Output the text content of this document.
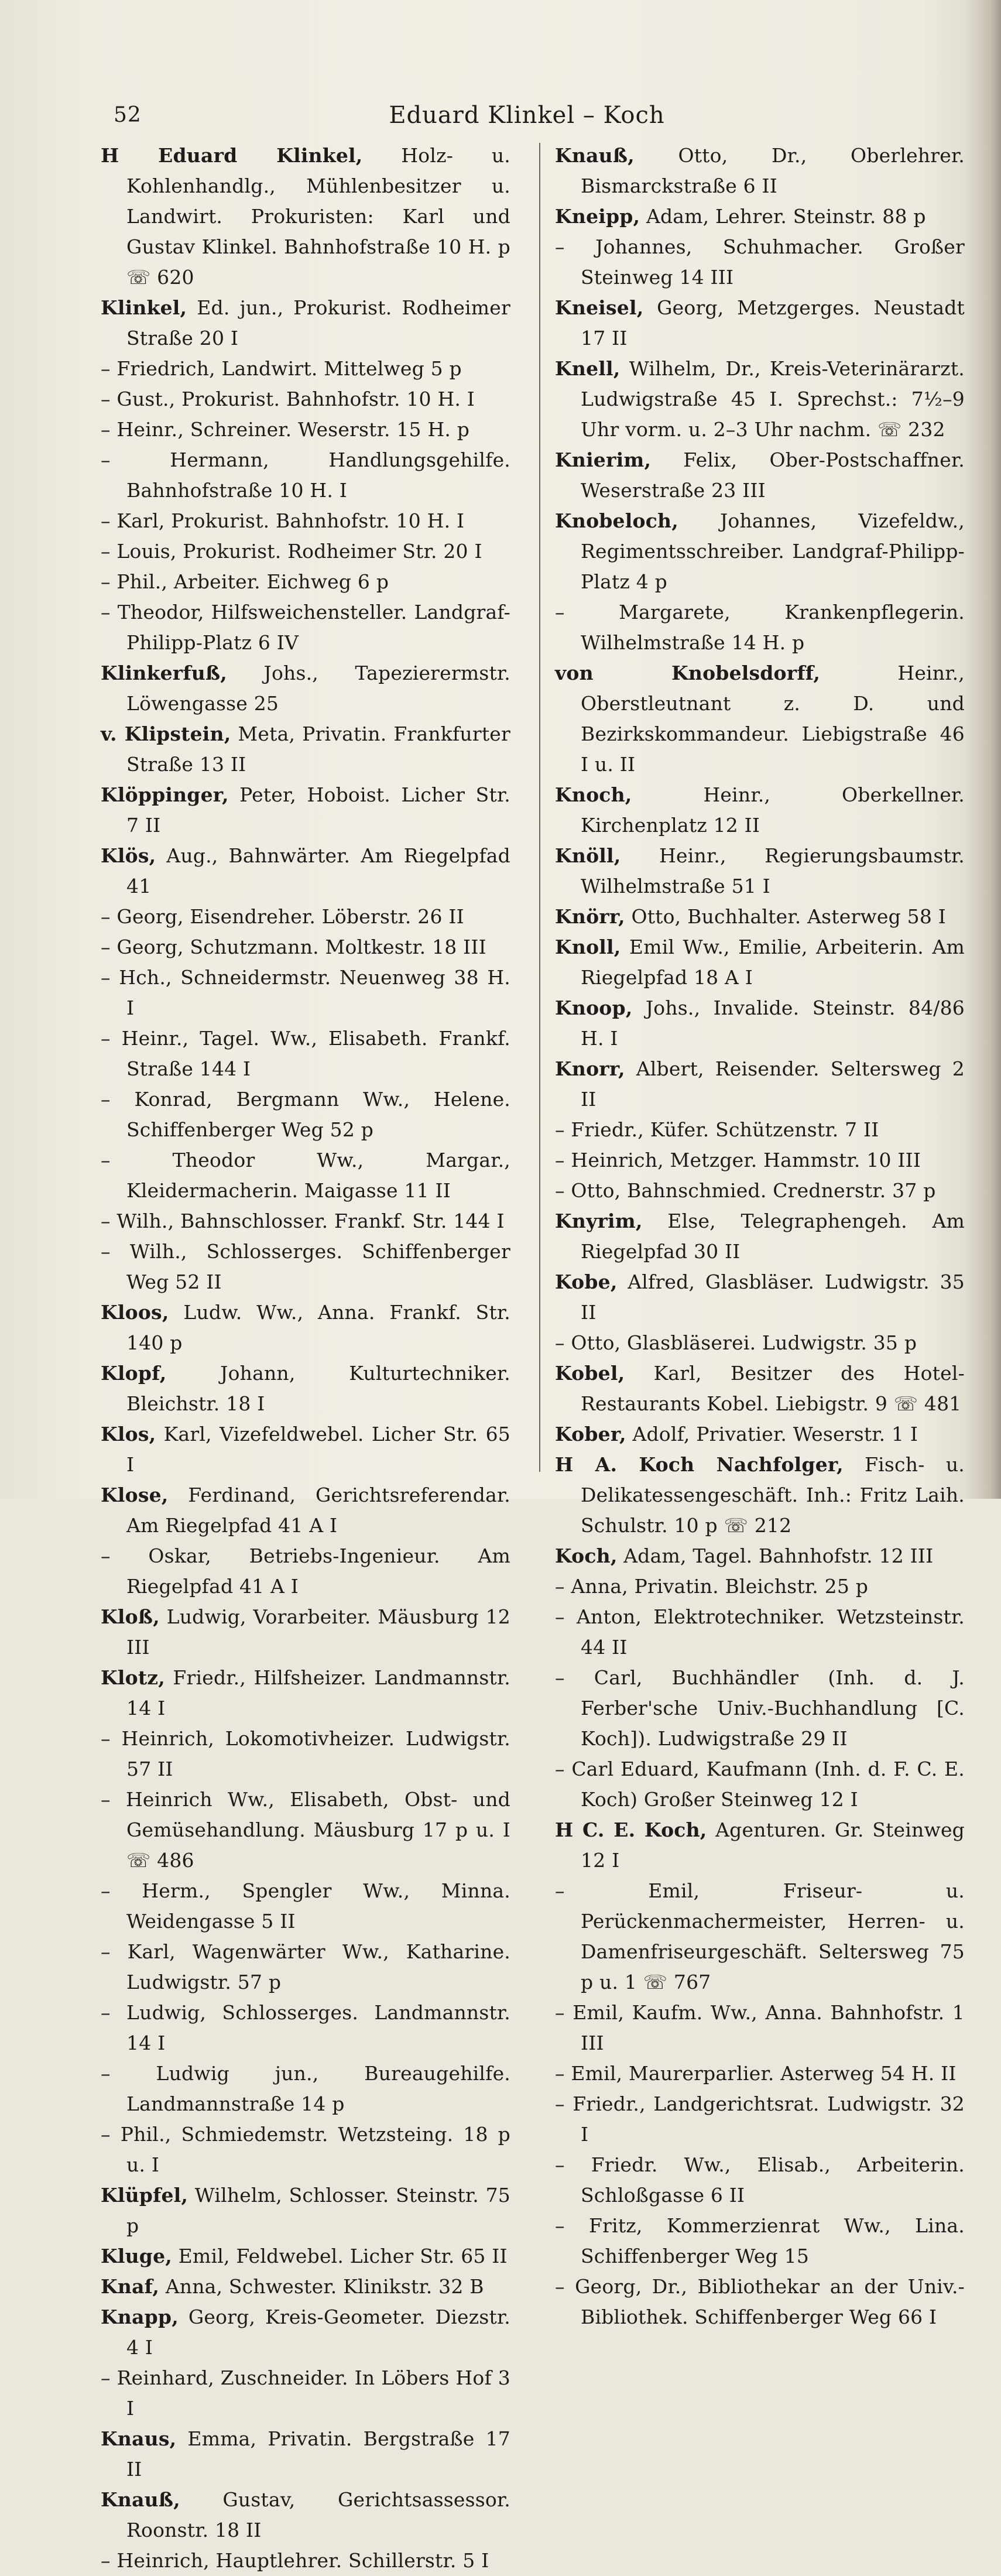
52	Eduard Klinkel – Koch

H Eduard Klinkel, Holz- u. Kohlenhandlg., Mühlenbesitzer u. Landwirt. Prokuristen: Karl und Gustav Klinkel. Bahnhofstraße 10 H. p ☏ 620

Klinkel, Ed. jun., Prokurist. Rodheimer Straße 20 I

– Friedrich, Landwirt. Mittelweg 5 p

– Gust., Prokurist. Bahnhofstr. 10 H. I

– Heinr., Schreiner. Weserstr. 15 H. p

– Hermann, Handlungsgehilfe. Bahnhofstraße 10 H. I

– Karl, Prokurist. Bahnhofstr. 10 H. I

– Louis, Prokurist. Rodheimer Str. 20 I

– Phil., Arbeiter. Eichweg 6 p

– Theodor, Hilfsweichensteller. Landgraf-Philipp-Platz 6 IV

Klinkerfuß, Johs., Tapezierermstr. Löwengasse 25

v. Klipstein, Meta, Privatin. Frankfurter Straße 13 II

Klöppinger, Peter, Hoboist. Licher Str. 7 II

Klös, Aug., Bahnwärter. Am Riegelpfad 41

– Georg, Eisendreher. Löberstr. 26 II

– Georg, Schutzmann. Moltkestr. 18 III

– Hch., Schneidermstr. Neuenweg 38 H. I

– Heinr., Tagel. Ww., Elisabeth. Frankf. Straße 144 I

– Konrad, Bergmann Ww., Helene. Schiffenberger Weg 52 p

– Theodor Ww., Margar., Kleidermacherin. Maigasse 11 II

– Wilh., Bahnschlosser. Frankf. Str. 144 I

– Wilh., Schlosserges. Schiffenberger Weg 52 II

Kloos, Ludw. Ww., Anna. Frankf. Str. 140 p

Klopf, Johann, Kulturtechniker. Bleichstr. 18 I

Klos, Karl, Vizefeldwebel. Licher Str. 65 I

Klose, Ferdinand, Gerichtsreferendar. Am Riegelpfad 41 A I

– Oskar, Betriebs-Ingenieur. Am Riegelpfad 41 A I

Kloß, Ludwig, Vorarbeiter. Mäusburg 12 III

Klotz, Friedr., Hilfsheizer. Landmannstr. 14 I

– Heinrich, Lokomotivheizer. Ludwigstr. 57 II

– Heinrich Ww., Elisabeth, Obst- und Gemüsehandlung. Mäusburg 17 p u. I ☏ 486

– Herm., Spengler Ww., Minna. Weidengasse 5 II

– Karl, Wagenwärter Ww., Katharine. Ludwigstr. 57 p

– Ludwig, Schlosserges. Landmannstr. 14 I

– Ludwig jun., Bureaugehilfe. Landmannstraße 14 p

– Phil., Schmiedemstr. Wetzsteing. 18 p u. I

Klüpfel, Wilhelm, Schlosser. Steinstr. 75 p

Kluge, Emil, Feldwebel. Licher Str. 65 II

Knaf, Anna, Schwester. Klinikstr. 32 B

Knapp, Georg, Kreis-Geometer. Diezstr. 4 I

– Reinhard, Zuschneider. In Löbers Hof 3 I

Knaus, Emma, Privatin. Bergstraße 17 II

Knauß, Gustav, Gerichtsassessor. Roonstr. 18 II

– Heinrich, Hauptlehrer. Schillerstr. 5 I

Knauß, Otto, Dr., Oberlehrer. Bismarckstraße 6 II

Kneipp, Adam, Lehrer. Steinstr. 88 p

– Johannes, Schuhmacher. Großer Steinweg 14 III

Kneisel, Georg, Metzgerges. Neustadt 17 II

Knell, Wilhelm, Dr., Kreis-Veterinärarzt. Ludwigstraße 45 I. Sprechst.: 7½–9 Uhr vorm. u. 2–3 Uhr nachm. ☏ 232

Knierim, Felix, Ober-Postschaffner. Weserstraße 23 III

Knobeloch, Johannes, Vizefeldw., Regimentsschreiber. Landgraf-Philipp-Platz 4 p

– Margarete, Krankenpflegerin. Wilhelmstraße 14 H. p

von Knobelsdorff, Heinr., Oberstleutnant z. D. und Bezirkskommandeur. Liebigstraße 46 I u. II

Knoch, Heinr., Oberkellner. Kirchenplatz 12 II

Knöll, Heinr., Regierungsbaumstr. Wilhelmstraße 51 I

Knörr, Otto, Buchhalter. Asterweg 58 I

Knoll, Emil Ww., Emilie, Arbeiterin. Am Riegelpfad 18 A I

Knoop, Johs., Invalide. Steinstr. 84/86 H. I

Knorr, Albert, Reisender. Seltersweg 2 II

– Friedr., Küfer. Schützenstr. 7 II

– Heinrich, Metzger. Hammstr. 10 III

– Otto, Bahnschmied. Crednerstr. 37 p

Knyrim, Else, Telegraphengeh. Am Riegelpfad 30 II

Kobe, Alfred, Glasbläser. Ludwigstr. 35 II

– Otto, Glasbläserei. Ludwigstr. 35 p

Kobel, Karl, Besitzer des Hotel-Restaurants Kobel. Liebigstr. 9 ☏ 481

Kober, Adolf, Privatier. Weserstr. 1 I

H A. Koch Nachfolger, Fisch- u. Delikatessengeschäft. Inh.: Fritz Laih. Schulstr. 10 p ☏ 212

Koch, Adam, Tagel. Bahnhofstr. 12 III

– Anna, Privatin. Bleichstr. 25 p

– Anton, Elektrotechniker. Wetzsteinstr. 44 II

– Carl, Buchhändler (Inh. d. J. Ferber'sche Univ.-Buchhandlung [C. Koch]). Ludwigstraße 29 II

– Carl Eduard, Kaufmann (Inh. d. F. C. E. Koch) Großer Steinweg 12 I

H C. E. Koch, Agenturen. Gr. Steinweg 12 I

– Emil, Friseur- u. Perückenmachermeister, Herren- u. Damenfriseurgeschäft. Seltersweg 75 p u. 1 ☏ 767

– Emil, Kaufm. Ww., Anna. Bahnhofstr. 1 III

– Emil, Maurerparlier. Asterweg 54 H. II

– Friedr., Landgerichtsrat. Ludwigstr. 32 I

– Friedr. Ww., Elisab., Arbeiterin. Schloßgasse 6 II

– Fritz, Kommerzienrat Ww., Lina. Schiffenberger Weg 15

– Georg, Dr., Bibliothekar an der Univ.-Bibliothek. Schiffenberger Weg 66 I
